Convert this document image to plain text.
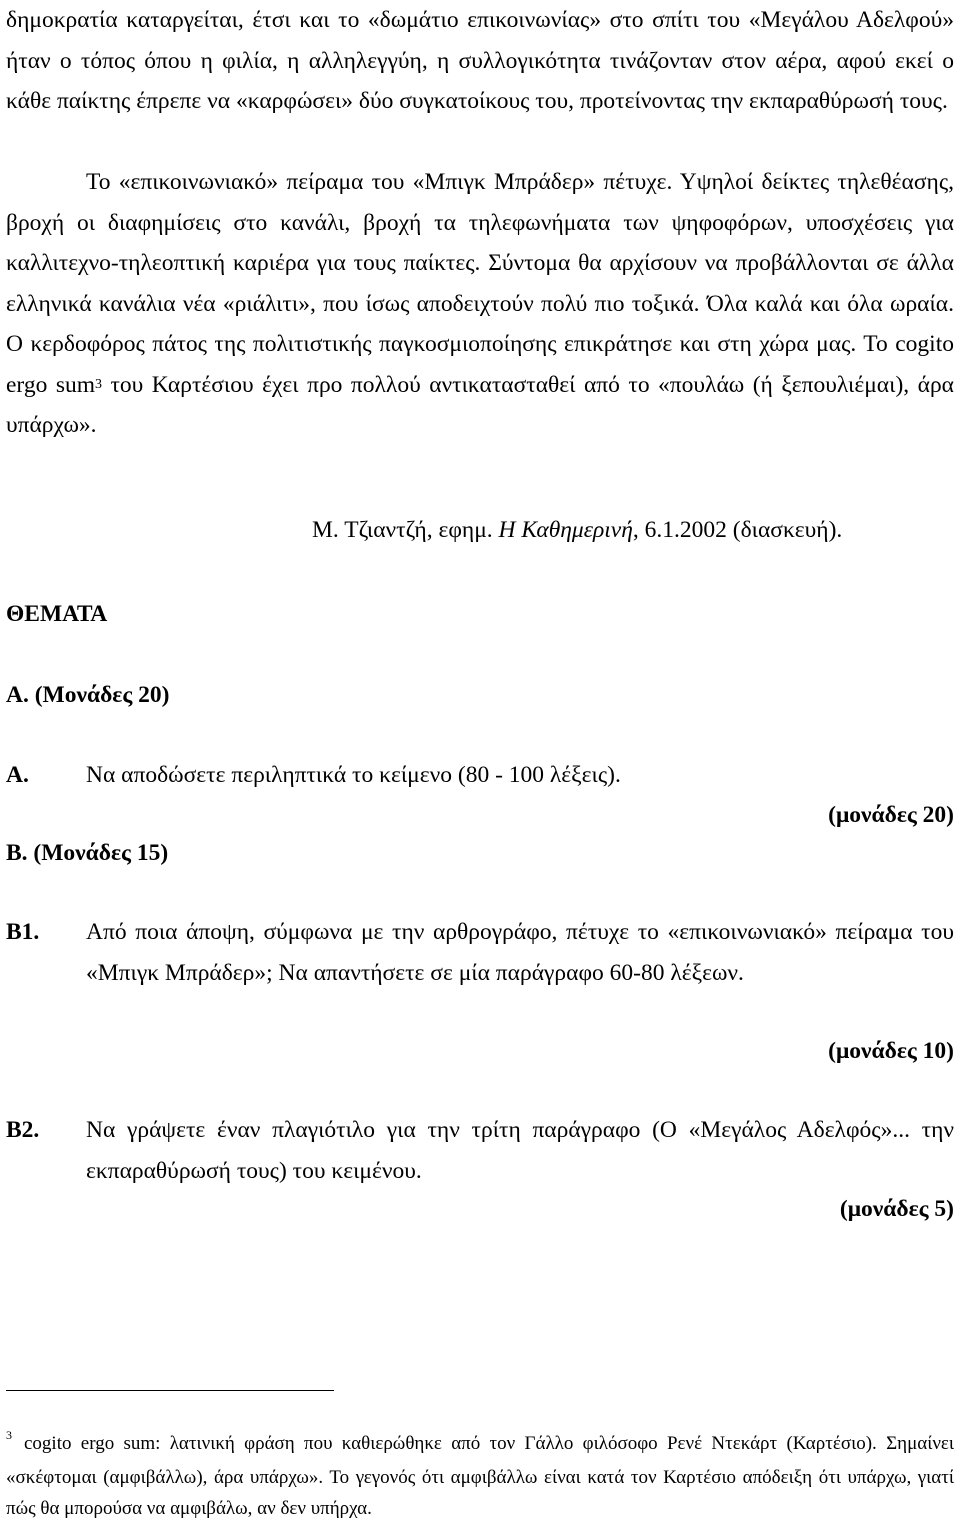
δημοκρατία καταργείται, έτσι και το «δωμάτιο επικοινωνίας» στο σπίτι του «Μεγάλου Αδελφού» ήταν ο τόπος όπου η φιλία, η αλληλεγγύη, η συλλογικότητα τινάζονταν στον αέρα, αφού εκεί ο κάθε παίκτης έπρεπε να «καρφώσει» δύο συγκατοίκους του, προτείνοντας την εκπαραθύρωσή τους.

Το «επικοινωνιακό» πείραμα του «Μπιγκ Μπράδερ» πέτυχε. Υψηλοί δείκτες τηλεθέασης, βροχή οι διαφημίσεις στο κανάλι, βροχή τα τηλεφωνήματα των ψηφοφόρων, υποσχέσεις για καλλιτεχνο-τηλεοπτική καριέρα για τους παίκτες. Σύντομα θα αρχίσουν να προβάλλονται σε άλλα ελληνικά κανάλια νέα «ριάλιτι», που ίσως αποδειχτούν πολύ πιο τοξικά. Όλα καλά και όλα ωραία. Ο κερδοφόρος πάτος της πολιτιστικής παγκοσμιοποίησης επικράτησε και στη χώρα μας. Το cogito ergo sum$^3$ του Καρτέσιου έχει προ πολλού αντικατασταθεί από το «πουλάω (ή ξεπουλιέμαι), άρα υπάρχω».

Μ. Τζιαντζή, εφημ. Η Καθημερινή, 6.1.2002 (διασκευή).
ΘΕΜΑΤΑ
Α. (Μονάδες 20)
Α. Να αποδώσετε περιληπτικά το κείμενο (80 - 100 λέξεις).

(μονάδες 20)
Β. (Μονάδες 15)
Β1. Από ποια άποψη, σύμφωνα με την αρθρογράφο, πέτυχε το «επικοινωνιακό» πείραμα του «Μπιγκ Μπράδερ»; Να απαντήσετε σε μία παράγραφο 60-80 λέξεων.

(μονάδες 10)
Β2. Να γράψετε έναν πλαγιότιλο για την τρίτη παράγραφο (Ο «Μεγάλος Αδελφός»... την εκπαραθύρωσή τους) του κειμένου.

(μονάδες 5)

$^3$ cogito ergo sum: λατινική φράση που καθιερώθηκε από τον Γάλλο φιλόσοφο Ρενέ Ντεκάρτ (Καρτέσιο). Σημαίνει «σκέφτομαι (αμφιβάλλω), άρα υπάρχω». Το γεγονός ότι αμφιβάλλω είναι κατά τον Καρτέσιο απόδειξη ότι υπάρχω, γιατί πώς θα μπορούσα να αμφιβάλω, αν δεν υπήρχα.
